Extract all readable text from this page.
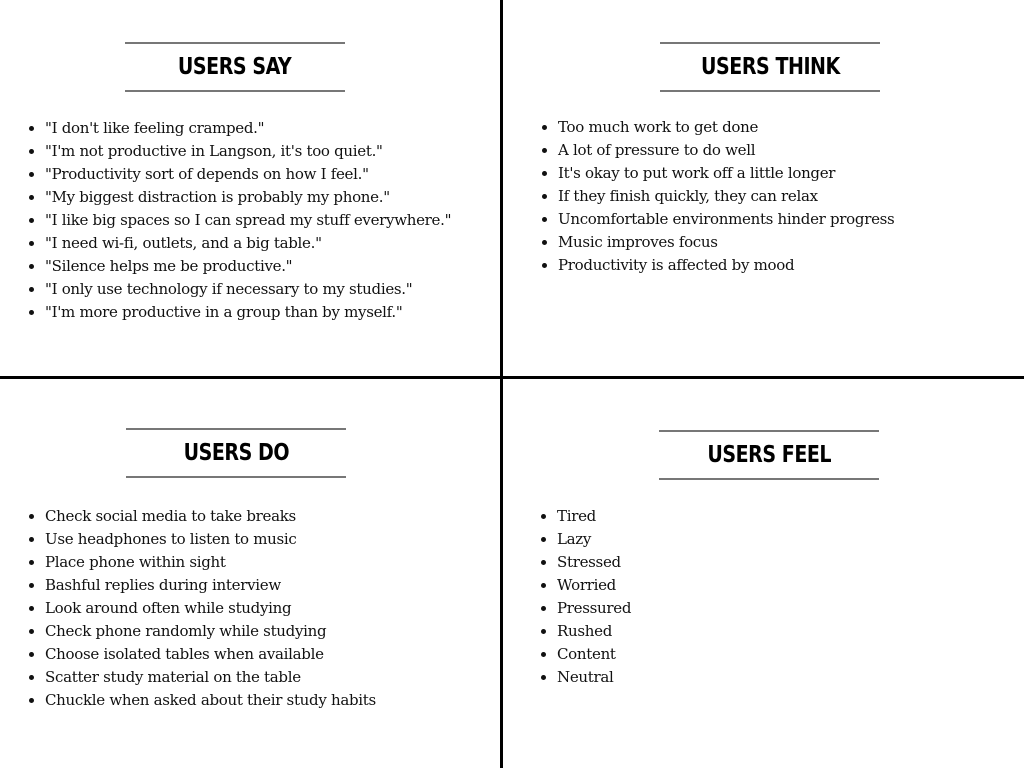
USERS SAY
"I don't like feeling cramped."
"I'm not productive in Langson, it's too quiet."
"Productivity sort of depends on how I feel."
"My biggest distraction is probably my phone."
"I like big spaces so I can spread my stuff everywhere."
"I need wi-fi, outlets, and a big table."
"Silence helps me be productive."
"I only use technology if necessary to my studies."
"I'm more productive in a group than by myself."
USERS THINK
Too much work to get done
A lot of pressure to do well
It's okay to put work off a little longer
If they finish quickly, they can relax
Uncomfortable environments hinder progress
Music improves focus
Productivity is affected by mood
USERS DO
Check social media to take breaks
Use headphones to listen to music
Place phone within sight
Bashful replies during interview
Look around often while studying
Check phone randomly while studying
Choose isolated tables when available
Scatter study material on the table
Chuckle when asked about their study habits
USERS FEEL
Tired
Lazy
Stressed
Worried
Pressured
Rushed
Content
Neutral
